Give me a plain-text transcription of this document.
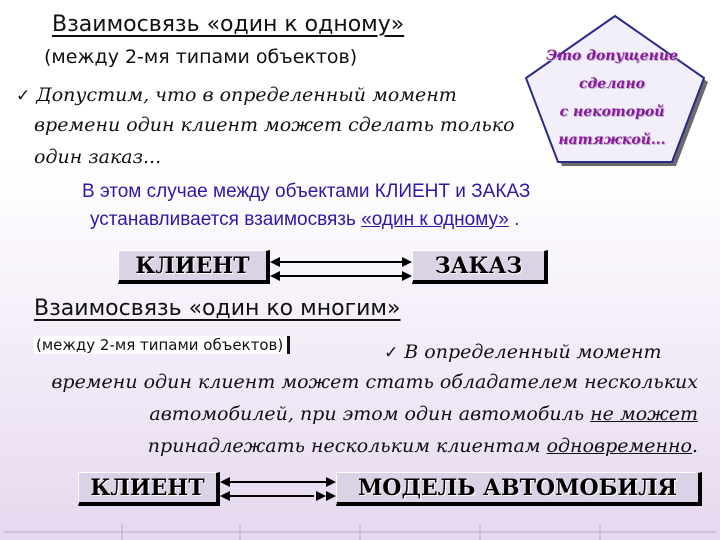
Взаимосвязь «один к одному»
(между 2-мя типами объектов)
✓ Допустим, что в определенный момент
времени один клиент может сделать только
один заказ...
В этом случае между объектами КЛИЕНТ и ЗАКАЗ
устанавливается взаимосвязь «один к одному» .
Это допущение
сделано
с некоторой
натяжкой...
КЛИЕНТ	ЗАКАЗ
Взаимосвязь «один ко многим»
(между 2-мя типами объектов)	✓ В определенный момент
времени один клиент может стать обладателем нескольких
автомобилей, при этом один автомобиль не может
принадлежать нескольким клиентам одновременно.
КЛИЕНТ	МОДЕЛЬ АВТОМОБИЛЯ
